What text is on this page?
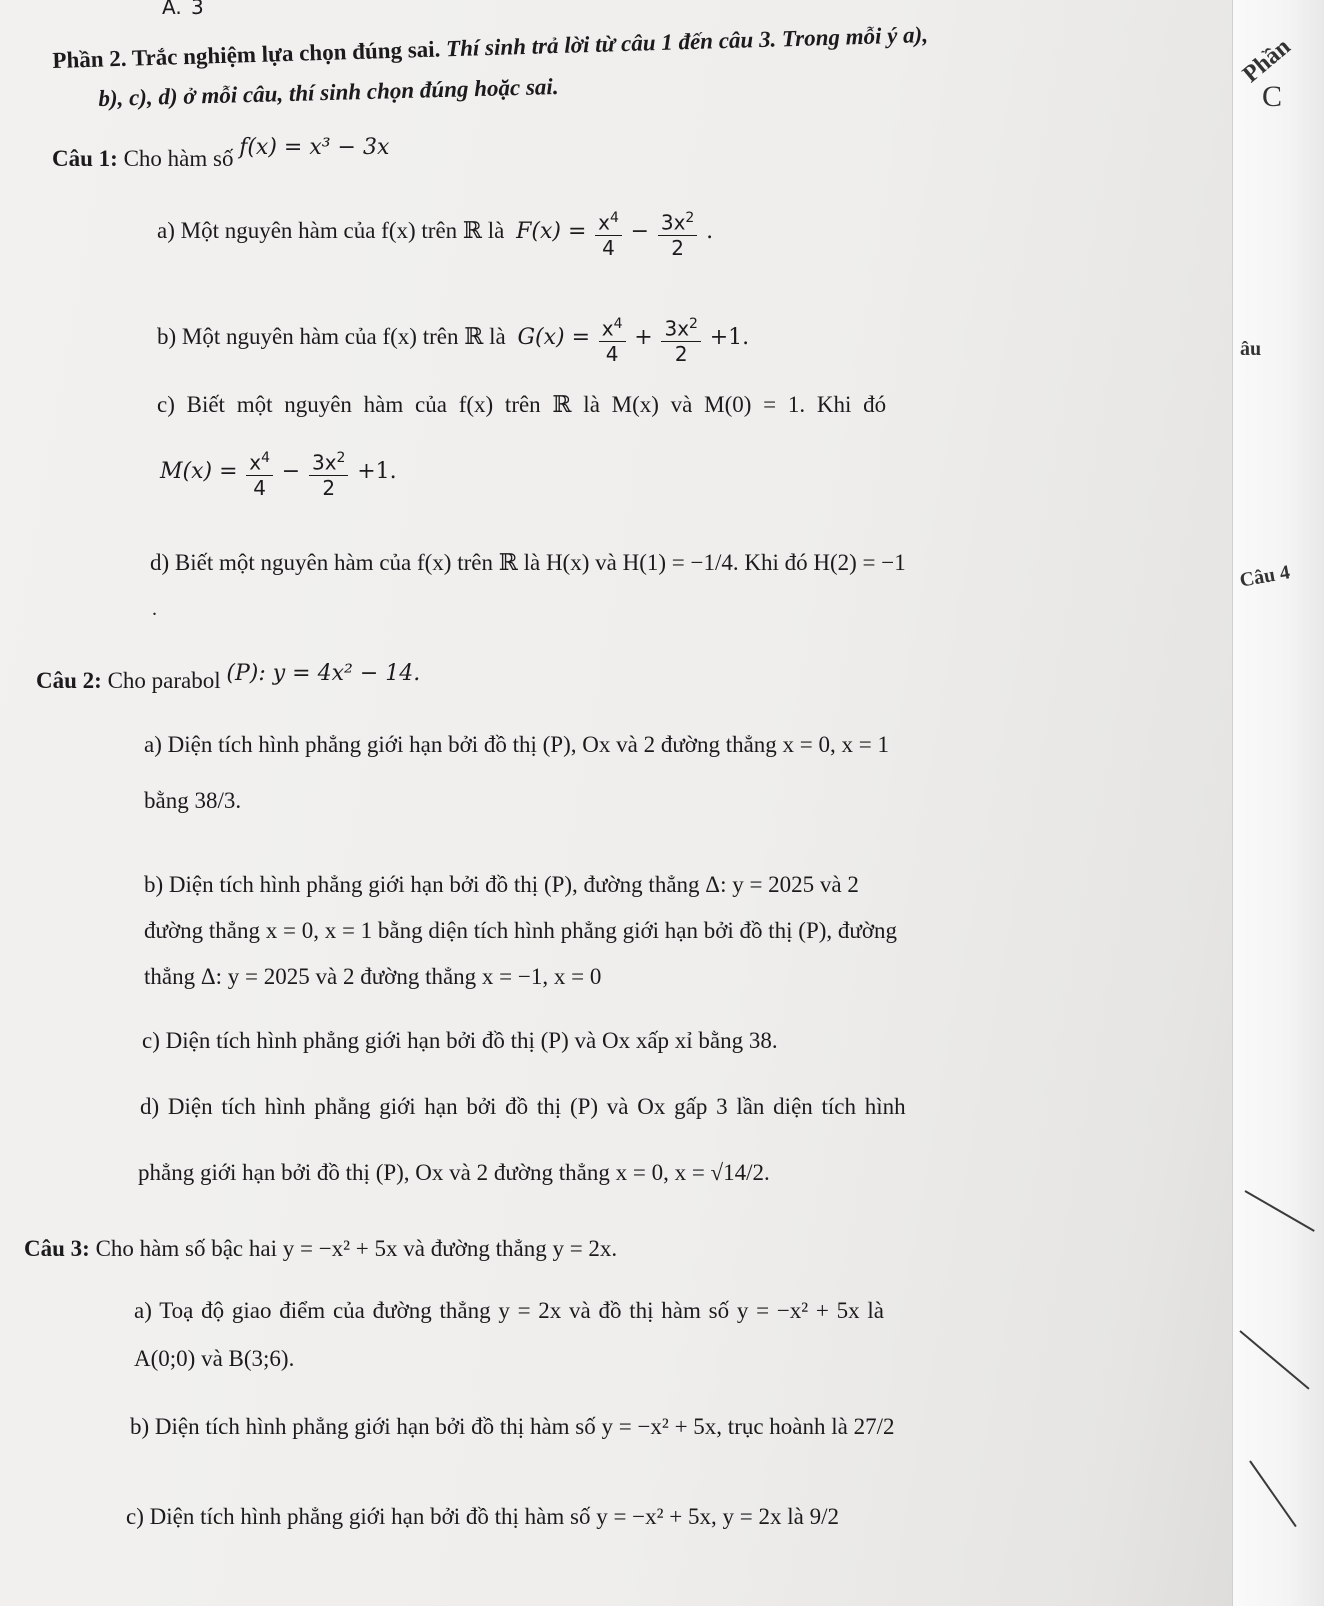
A. 3
Phần 2. Trắc nghiệm lựa chọn đúng sai. Thí sinh trả lời từ câu 1 đến câu 3. Trong mỗi ý a),
b), c), d) ở mỗi câu, thí sinh chọn đúng hoặc sai.
Phần
C
âu
Câu 4
Câu 1: Cho hàm số f(x) = x³ − 3x
a) Một nguyên hàm của f(x) trên ℝ là $F(x) = \frac{x^4}{4} - \frac{3x^2}{2}$ .
b) Một nguyên hàm của f(x) trên ℝ là $G(x) = \frac{x^4}{4} + \frac{3x^2}{2} +1$.
c) Biết một nguyên hàm của f(x) trên ℝ là M(x) và M(0) = 1. Khi đó
$M(x) = \frac{x^4}{4} - \frac{3x^2}{2} +1$.
d) Biết một nguyên hàm của f(x) trên ℝ là H(x) và H(1) = −1/4. Khi đó H(2) = −1
.
Câu 2: Cho parabol (P): y = 4x² − 14.
a) Diện tích hình phẳng giới hạn bởi đồ thị (P), Ox và 2 đường thẳng x = 0, x = 1
bằng 38/3.
b) Diện tích hình phẳng giới hạn bởi đồ thị (P), đường thẳng Δ: y = 2025 và 2
đường thẳng x = 0, x = 1 bằng diện tích hình phẳng giới hạn bởi đồ thị (P), đường
thẳng Δ: y = 2025 và 2 đường thẳng x = −1, x = 0
c) Diện tích hình phẳng giới hạn bởi đồ thị (P) và Ox xấp xỉ bằng 38.
d) Diện tích hình phẳng giới hạn bởi đồ thị (P) và Ox gấp 3 lần diện tích hình
phẳng giới hạn bởi đồ thị (P), Ox và 2 đường thẳng x = 0, x = √14/2.
Câu 3: Cho hàm số bậc hai y = −x² + 5x và đường thẳng y = 2x.
a) Toạ độ giao điểm của đường thẳng y = 2x và đồ thị hàm số y = −x² + 5x là
A(0;0) và B(3;6).
b) Diện tích hình phẳng giới hạn bởi đồ thị hàm số y = −x² + 5x, trục hoành là 27/2
c) Diện tích hình phẳng giới hạn bởi đồ thị hàm số y = −x² + 5x, y = 2x là 9/2
